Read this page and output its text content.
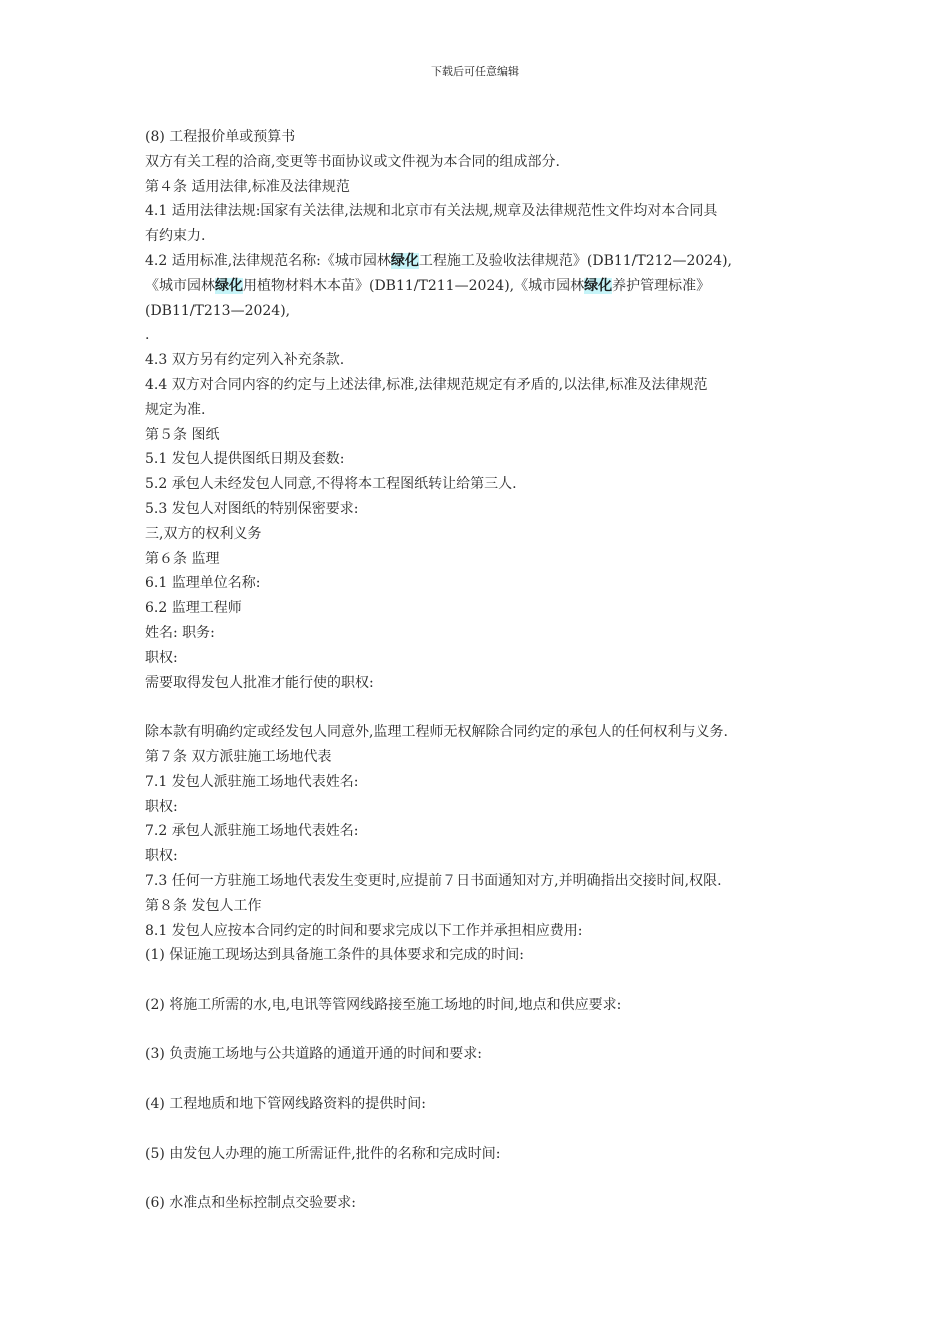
下载后可任意编辑
(8) 工程报价单或预算书
双方有关工程的洽商,变更等书面协议或文件视为本合同的组成部分.
第４条 适用法律,标准及法律规范
4.1 适用法律法规:国家有关法律,法规和北京市有关法规,规章及法律规范性文件均对本合同具
有约束力.
4.2 适用标准,法律规范名称:《城市园林绿化工程施工及验收法律规范》(DB11/T212—2024),
《城市园林绿化用植物材料木本苗》(DB11/T211—2024),《城市园林绿化养护管理标准》
(DB11/T213—2024),
.
4.3 双方另有约定列入补充条款.
4.4 双方对合同内容的约定与上述法律,标准,法律规范规定有矛盾的,以法律,标准及法律规范
规定为准.
第５条 图纸
5.1 发包人提供图纸日期及套数:
5.2 承包人未经发包人同意,不得将本工程图纸转让给第三人.
5.3 发包人对图纸的特别保密要求:
三,双方的权利义务
第６条 监理
6.1 监理单位名称:
6.2 监理工程师
姓名: 职务:
职权:
需要取得发包人批准才能行使的职权:
除本款有明确约定或经发包人同意外,监理工程师无权解除合同约定的承包人的任何权利与义务.
第７条 双方派驻施工场地代表
7.1 发包人派驻施工场地代表姓名:
职权:
7.2 承包人派驻施工场地代表姓名:
职权:
7.3 任何一方驻施工场地代表发生变更时,应提前７日书面通知对方,并明确指出交接时间,权限.
第８条 发包人工作
8.1 发包人应按本合同约定的时间和要求完成以下工作并承担相应费用:
(1) 保证施工现场达到具备施工条件的具体要求和完成的时间:
(2) 将施工所需的水,电,电讯等管网线路接至施工场地的时间,地点和供应要求:
(3) 负责施工场地与公共道路的通道开通的时间和要求:
(4) 工程地质和地下管网线路资料的提供时间:
(5) 由发包人办理的施工所需证件,批件的名称和完成时间:
(6) 水准点和坐标控制点交验要求:
